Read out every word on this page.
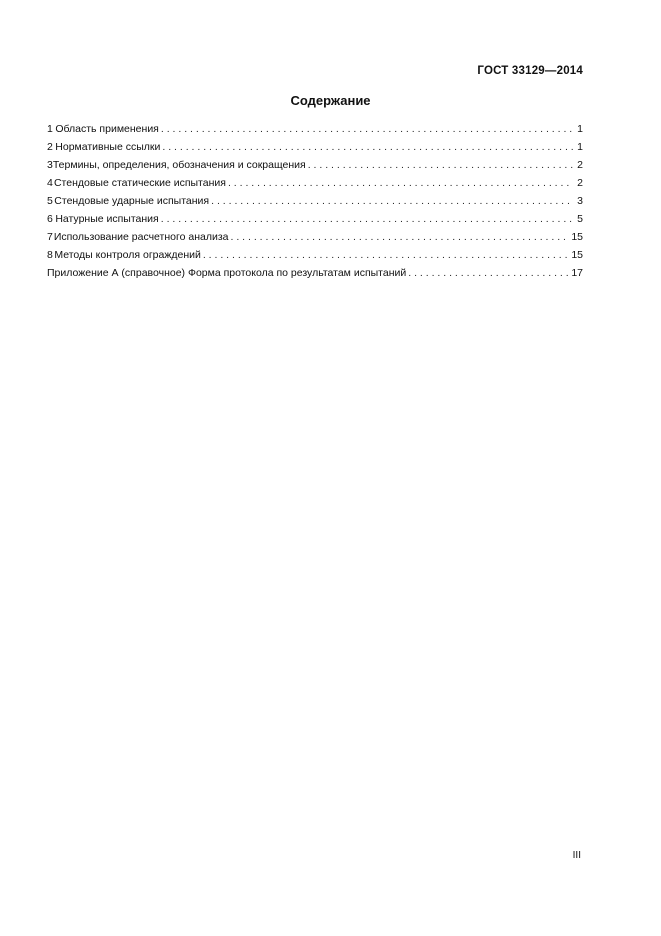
ГОСТ 33129—2014
Содержание
1 Область применения . . .	1
2 Нормативные ссылки . . .	1
3 Термины, определения, обозначения и сокращения . . .	2
4 Стендовые статические испытания . . .	2
5 Стендовые ударные испытания . . .	3
6 Натурные испытания . . .	5
7 Использование расчетного анализа . . .	15
8 Методы контроля ограждений . . .	15
Приложение А (справочное) Форма протокола по результатам испытаний . . .	17
III
